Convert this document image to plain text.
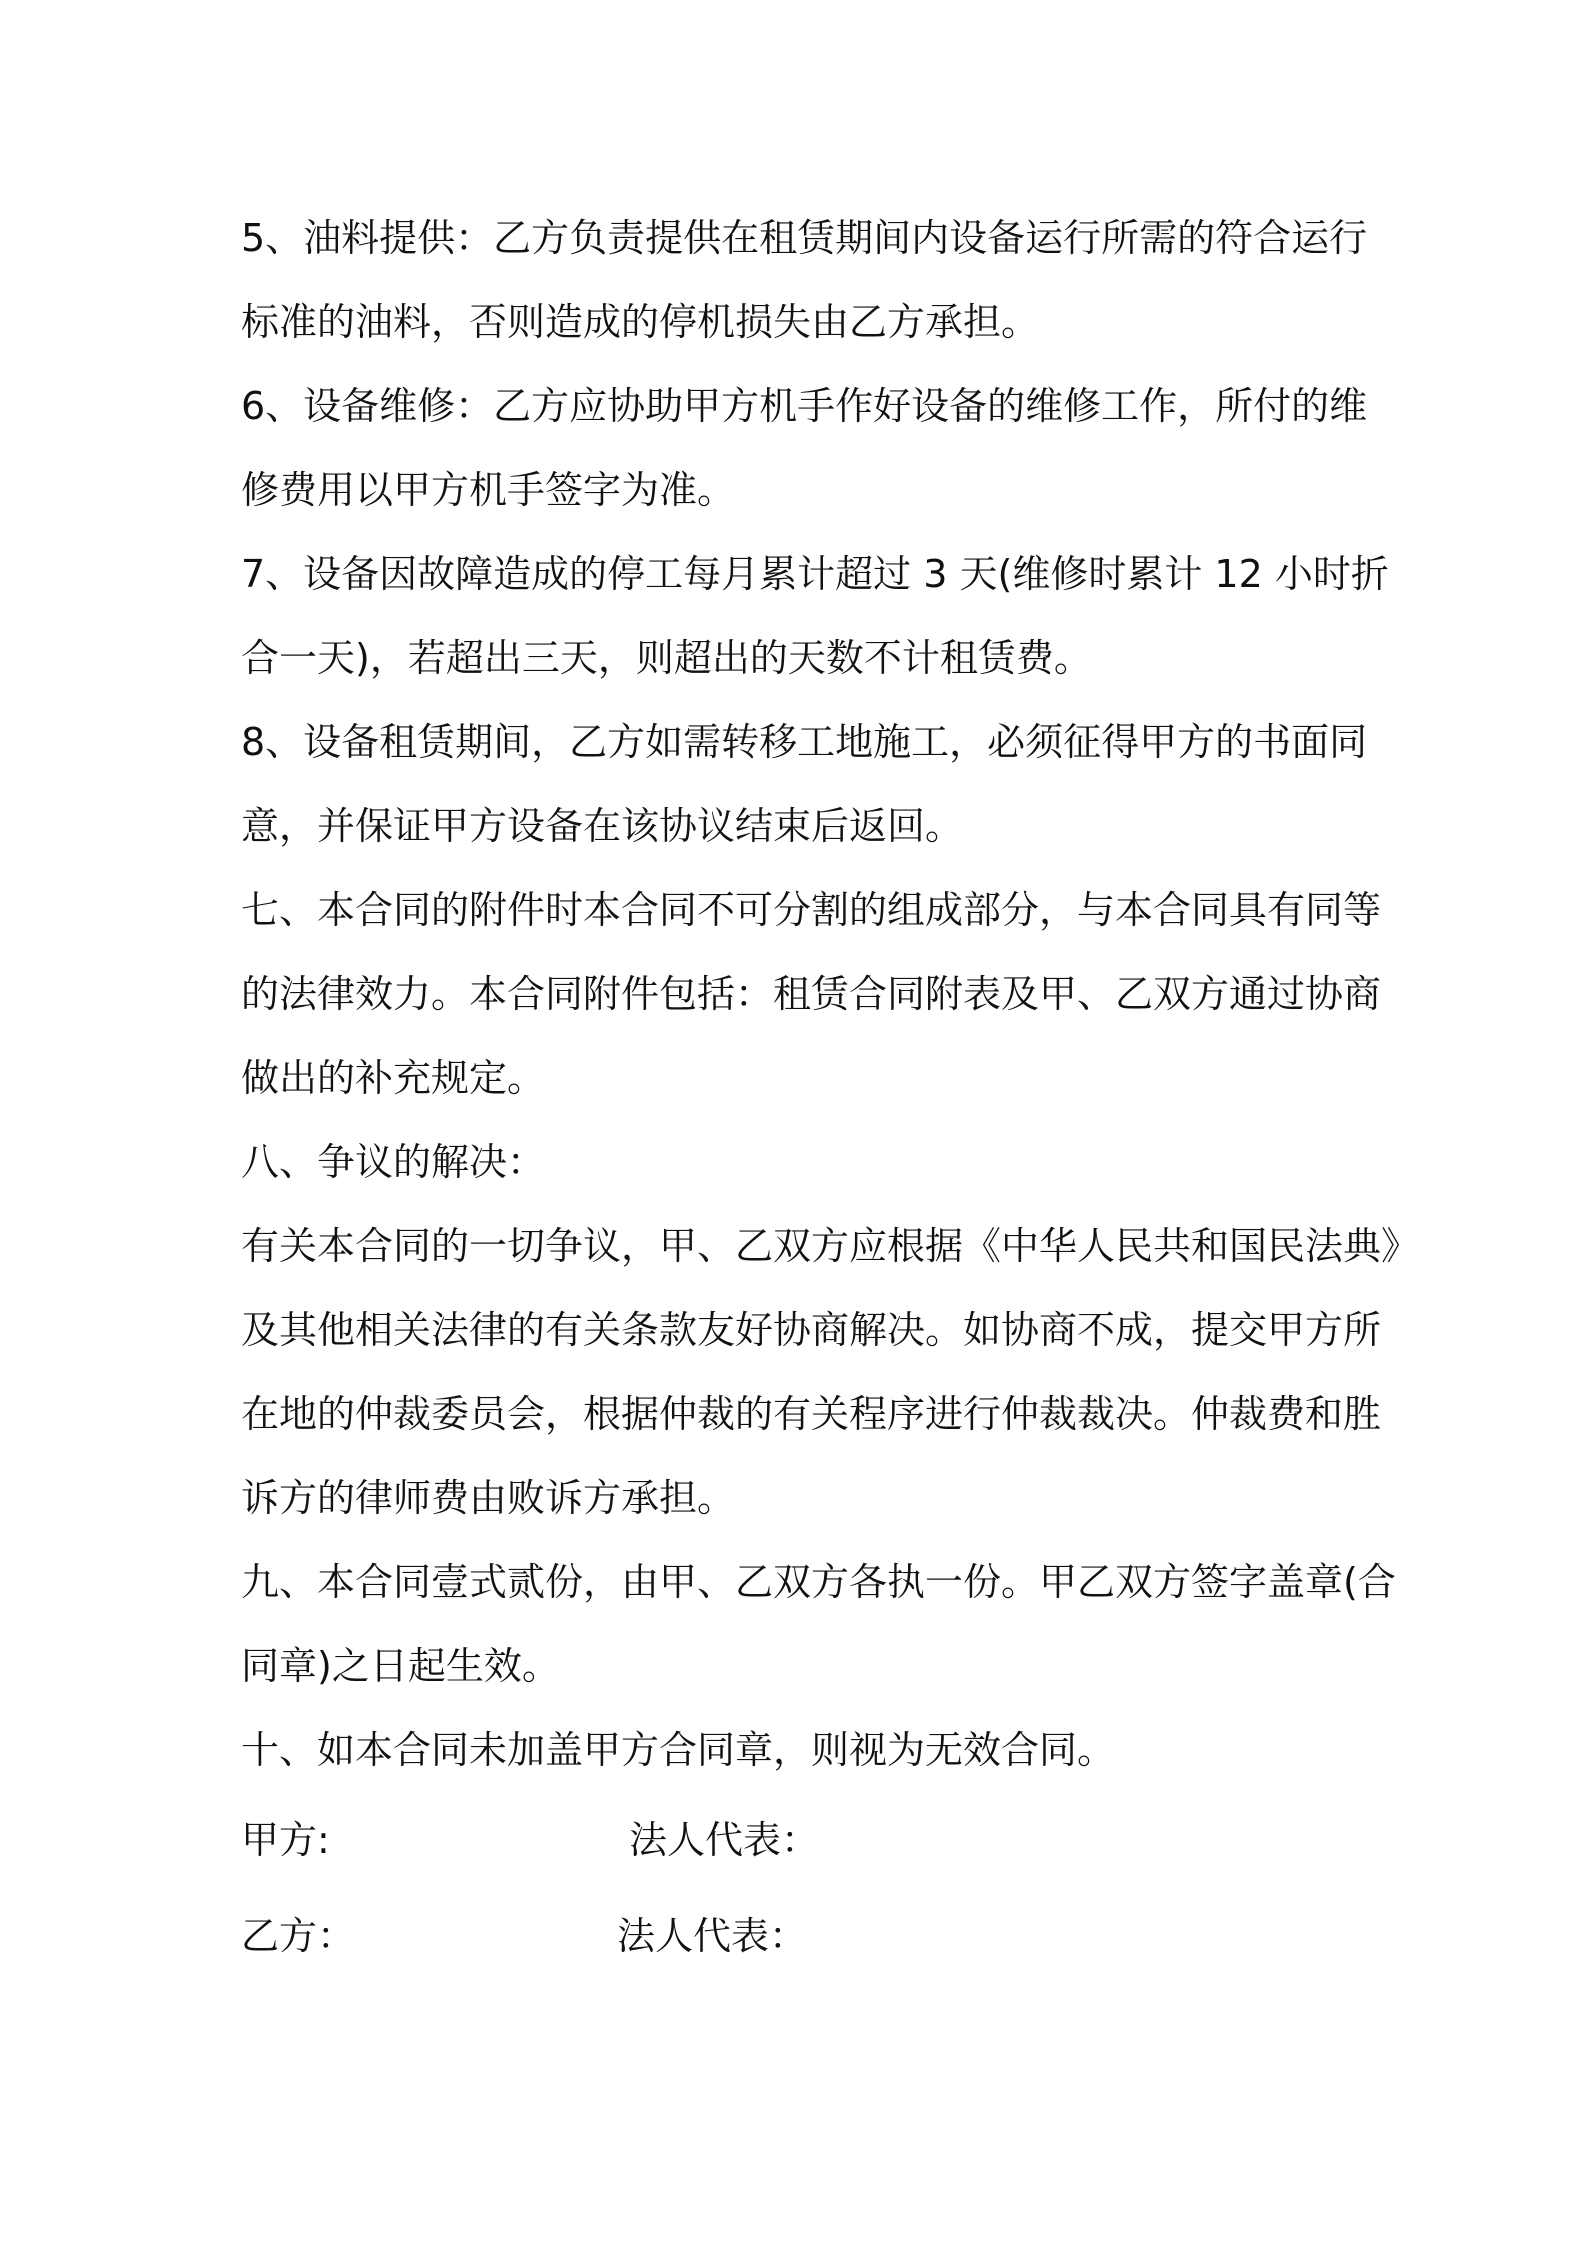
5、油料提供：乙方负责提供在租赁期间内设备运行所需的符合运行
标准的油料，否则造成的停机损失由乙方承担。
6、设备维修：乙方应协助甲方机手作好设备的维修工作，所付的维
修费用以甲方机手签字为准。
7、设备因故障造成的停工每月累计超过 3 天(维修时累计 12 小时折
合一天)，若超出三天，则超出的天数不计租赁费。
8、设备租赁期间，乙方如需转移工地施工，必须征得甲方的书面同
意，并保证甲方设备在该协议结束后返回。
七、本合同的附件时本合同不可分割的组成部分，与本合同具有同等
的法律效力。本合同附件包括：租赁合同附表及甲、乙双方通过协商
做出的补充规定。
八、争议的解决：
有关本合同的一切争议，甲、乙双方应根据《中华人民共和国民法典》
及其他相关法律的有关条款友好协商解决。如协商不成，提交甲方所
在地的仲裁委员会，根据仲裁的有关程序进行仲裁裁决。仲裁费和胜
诉方的律师费由败诉方承担。
九、本合同壹式贰份，由甲、乙双方各执一份。甲乙双方签字盖章(合
同章)之日起生效。
十、如本合同未加盖甲方合同章，则视为无效合同。
甲方:	法人代表：
乙方：	法人代表：
